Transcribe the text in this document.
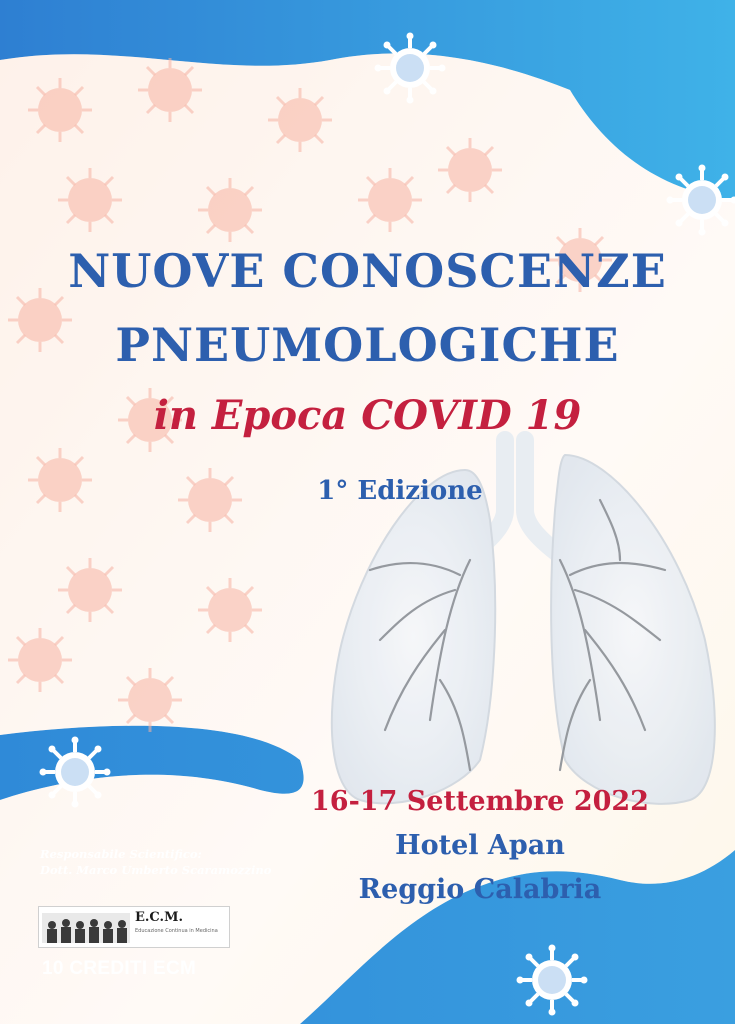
NUOVE CONOSCENZE
PNEUMOLOGICHE
in Epoca COVID 19
1° Edizione
16-17 Settembre 2022
Hotel Apan
Reggio Calabria
Responsabile Scientifico:
Dott. Marco Umberto Scaramozzino
E.C.M.
Educazione Continua in Medicina
10 CREDITI ECM
